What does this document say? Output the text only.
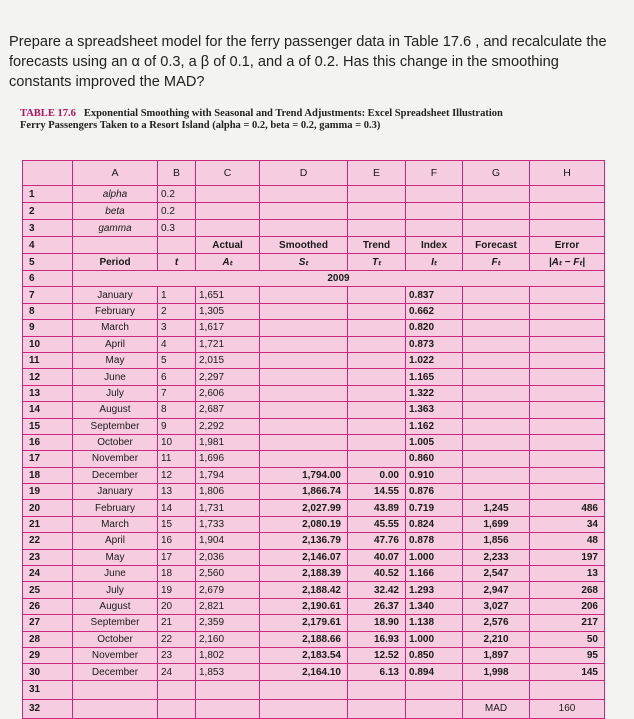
Prepare a spreadsheet model for the ferry passenger data in Table 17.6 , and recalculate the forecasts using an α of 0.3, a β of 0.1, and a of 0.2. Has this change in the smoothing constants improved the MAD?
TABLE 17.6 Exponential Smoothing with Seasonal and Trend Adjustments: Excel Spreadsheet Illustration
Ferry Passengers Taken to a Resort Island (alpha = 0.2, beta = 0.2, gamma = 0.3)
	A	B	C	D	E	F	G	H
1	alpha	0.2						
2	beta	0.2						
3	gamma	0.3						
4			Actual	Smoothed	Trend	Index	Forecast	Error
5	Period	t	Aₜ	Sₜ	Tₜ	Iₜ	Fₜ	|Aₜ − Fₜ|
6	2009							
7	January	1	1,651			0.837		
8	February	2	1,305			0.662		
9	March	3	1,617			0.820		
10	April	4	1,721			0.873		
11	May	5	2,015			1.022		
12	June	6	2,297			1.165		
13	July	7	2,606			1.322		
14	August	8	2,687			1.363		
15	September	9	2,292			1.162		
16	October	10	1,981			1.005		
17	November	11	1,696			0.860		
18	December	12	1,794	1,794.00	0.00	0.910		
19	January	13	1,806	1,866.74	14.55	0.876		
20	February	14	1,731	2,027.99	43.89	0.719	1,245	486
21	March	15	1,733	2,080.19	45.55	0.824	1,699	34
22	April	16	1,904	2,136.79	47.76	0.878	1,856	48
23	May	17	2,036	2,146.07	40.07	1.000	2,233	197
24	June	18	2,560	2,188.39	40.52	1.166	2,547	13
25	July	19	2,679	2,188.42	32.42	1.293	2,947	268
26	August	20	2,821	2,190.61	26.37	1.340	3,027	206
27	September	21	2,359	2,179.61	18.90	1.138	2,576	217
28	October	22	2,160	2,188.66	16.93	1.000	2,210	50
29	November	23	1,802	2,183.54	12.52	0.850	1,897	95
30	December	24	1,853	2,164.10	6.13	0.894	1,998	145
31								
32							MAD	160
